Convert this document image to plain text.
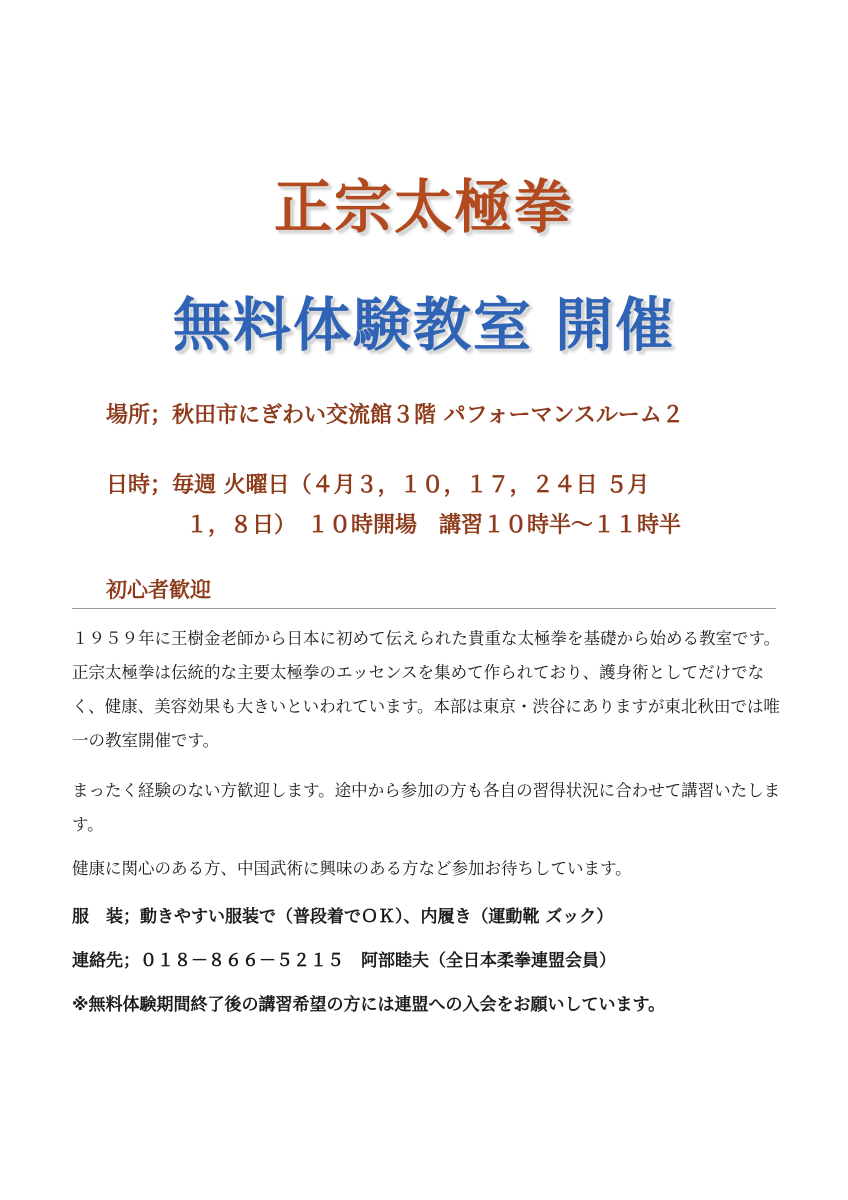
正宗太極拳
無料体験教室 開催
場所；秋田市にぎわい交流館３階 パフォーマンスルーム２
日時；毎週 火曜日（４月３，１０，１７，２４日 ５月
１，８日）　１０時開場　講習１０時半～１１時半
初心者歓迎
１９５９年に王樹金老師から日本に初めて伝えられた貴重な太極拳を基礎から始める教室です。正宗太極拳は伝統的な主要太極拳のエッセンスを集めて作られており、護身術としてだけでなく、健康、美容効果も大きいといわれています。本部は東京・渋谷にありますが東北秋田では唯一の教室開催です。
まったく経験のない方歓迎します。途中から参加の方も各自の習得状況に合わせて講習いたします。
健康に関心のある方、中国武術に興味のある方など参加お待ちしています。
服　装；動きやすい服装で（普段着でＯＫ）、内履き（運動靴 ズック）
連絡先；０１８－８６６－５２１５　阿部睦夫（全日本柔拳連盟会員）
※無料体験期間終了後の講習希望の方には連盟への入会をお願いしています。
